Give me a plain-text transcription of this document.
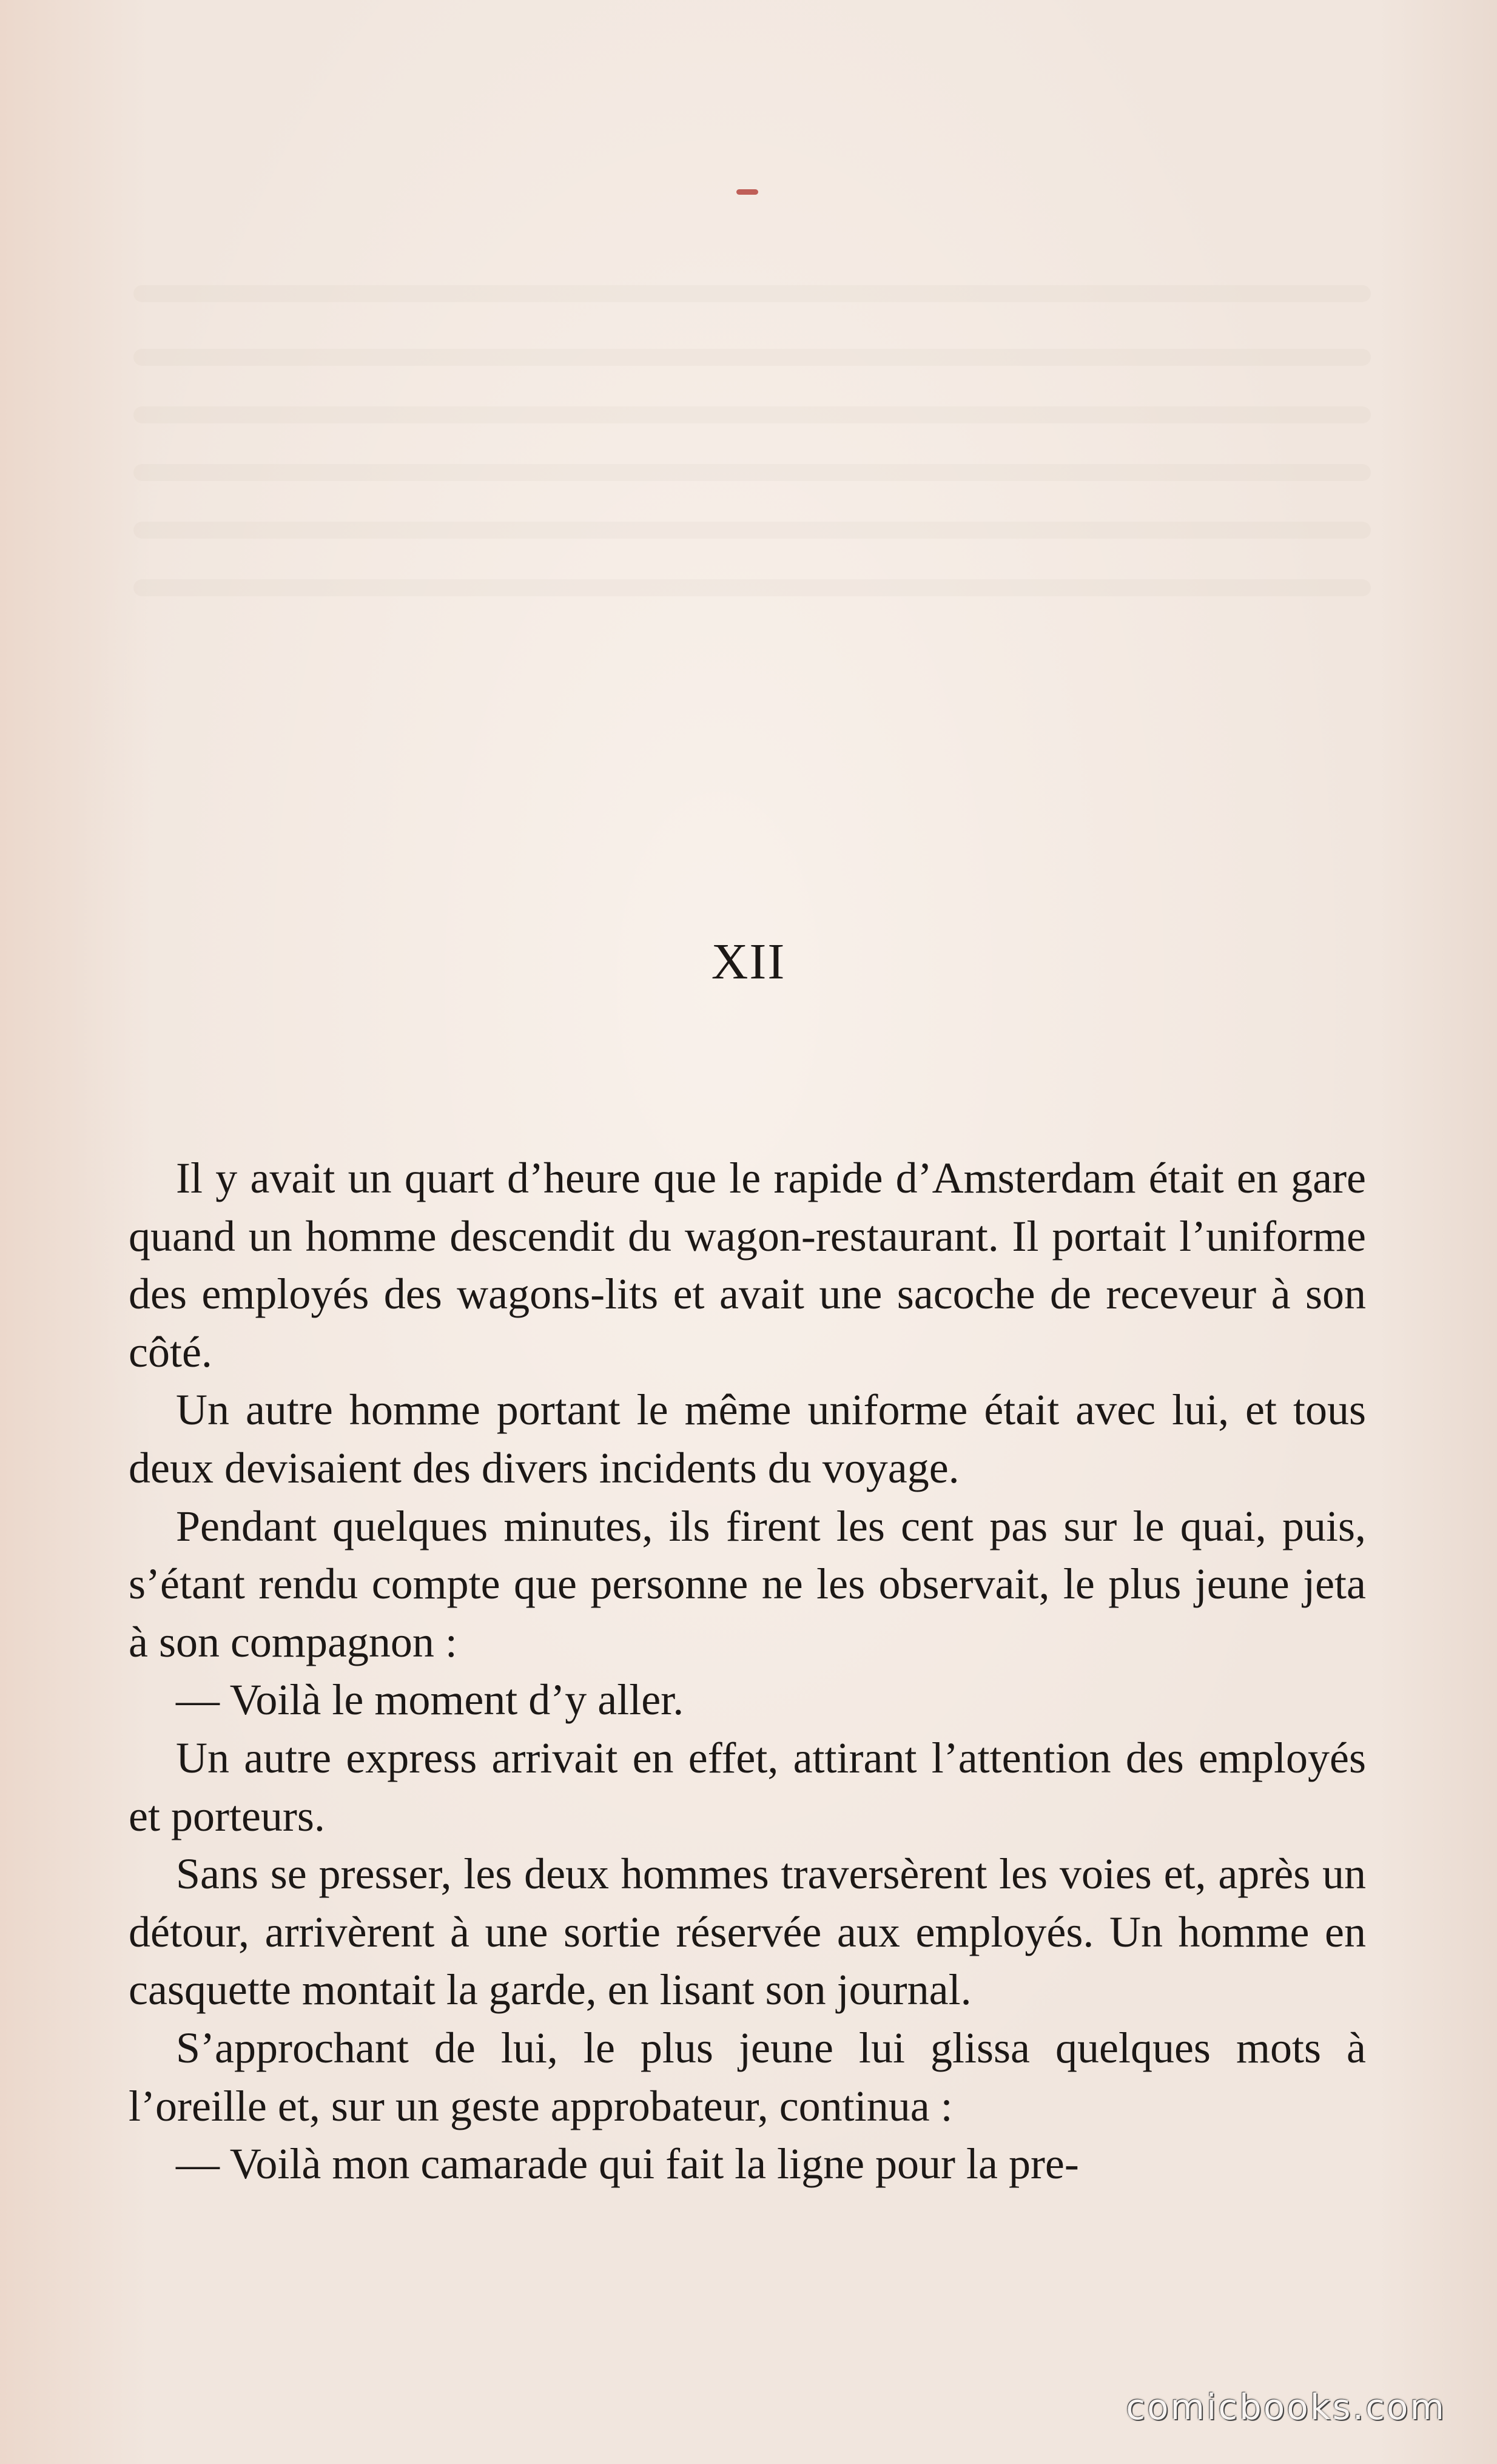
XII

Il y avait un quart d’heure que le rapide d’Amsterdam était en gare quand un homme descendit du wagon-restaurant. Il portait l’uniforme des employés des wagons-lits et avait une sacoche de receveur à son côté.

Un autre homme portant le même uniforme était avec lui, et tous deux devisaient des divers incidents du voyage.

Pendant quelques minutes, ils firent les cent pas sur le quai, puis, s’étant rendu compte que personne ne les observait, le plus jeune jeta à son compagnon :

— Voilà le moment d’y aller.

Un autre express arrivait en effet, attirant l’attention des employés et porteurs.

Sans se presser, les deux hommes traversèrent les voies et, après un détour, arrivèrent à une sortie réservée aux employés. Un homme en casquette montait la garde, en lisant son journal.

S’approchant de lui, le plus jeune lui glissa quelques mots à l’oreille et, sur un geste approbateur, continua :

— Voilà mon camarade qui fait la ligne pour la pre-

comicbooks.com
